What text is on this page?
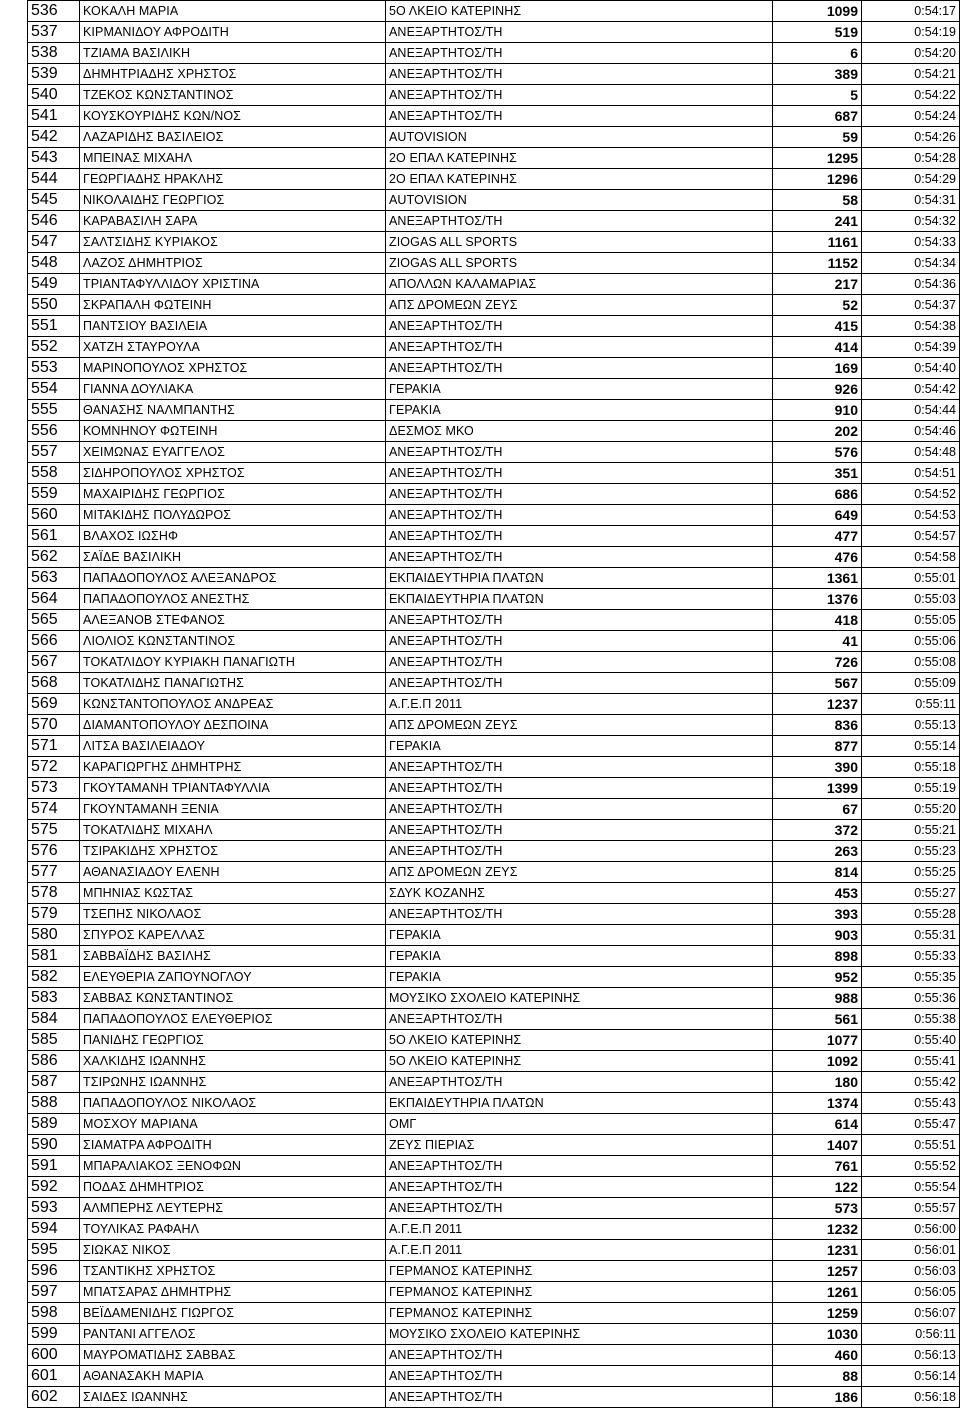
536	ΚΟΚΑΛΗ ΜΑΡΙΑ	5Ο ΛΚΕΙΟ ΚΑΤΕΡΙΝΗΣ	1099	0:54:17
537	ΚΙΡΜΑΝΙΔΟΥ ΑΦΡΟΔΙΤΗ	ΑΝΕΞΑΡΤΗΤΟΣ/ΤΗ	519	0:54:19
538	ΤΖΙΑΜΑ ΒΑΣΙΛΙΚΗ	ΑΝΕΞΑΡΤΗΤΟΣ/ΤΗ	6	0:54:20
539	ΔΗΜΗΤΡΙΑΔΗΣ ΧΡΗΣΤΟΣ	ΑΝΕΞΑΡΤΗΤΟΣ/ΤΗ	389	0:54:21
540	ΤΖΕΚΟΣ ΚΩΝΣΤΑΝΤΙΝΟΣ	ΑΝΕΞΑΡΤΗΤΟΣ/ΤΗ	5	0:54:22
541	ΚΟΥΣΚΟΥΡΙΔΗΣ ΚΩΝ/ΝΟΣ	ΑΝΕΞΑΡΤΗΤΟΣ/ΤΗ	687	0:54:24
542	ΛΑΖΑΡΙΔΗΣ ΒΑΣΙΛΕΙΟΣ	AUTOVISION	59	0:54:26
543	ΜΠΕΙΝΑΣ ΜΙΧΑΗΛ	2Ο ΕΠΑΛ ΚΑΤΕΡΙΝΗΣ	1295	0:54:28
544	ΓΕΩΡΓΙΑΔΗΣ ΗΡΑΚΛΗΣ	2Ο ΕΠΑΛ ΚΑΤΕΡΙΝΗΣ	1296	0:54:29
545	ΝΙΚΟΛΑΙΔΗΣ ΓΕΩΡΓΙΟΣ	AUTOVISION	58	0:54:31
546	ΚΑΡΑΒΑΣΙΛΗ ΣΑΡΑ	ΑΝΕΞΑΡΤΗΤΟΣ/ΤΗ	241	0:54:32
547	ΣΑΛΤΣΙΔΗΣ ΚΥΡΙΑΚΟΣ	ZIOGAS ALL SPORTS	1161	0:54:33
548	ΛΑΖΟΣ ΔΗΜΗΤΡΙΟΣ	ZIOGAS ALL SPORTS	1152	0:54:34
549	ΤΡΙΑΝΤΑΦΥΛΛΙΔΟΥ ΧΡΙΣΤΙΝΑ	ΑΠΟΛΛΩΝ ΚΑΛΑΜΑΡΙΑΣ	217	0:54:36
550	ΣΚΡΑΠΑΛΗ ΦΩΤΕΙΝΗ	ΑΠΣ ΔΡΟΜΕΩΝ ΖΕΥΣ	52	0:54:37
551	ΠΑΝΤΣΙΟΥ ΒΑΣΙΛΕΙΑ	ΑΝΕΞΑΡΤΗΤΟΣ/ΤΗ	415	0:54:38
552	ΧΑΤΖΗ ΣΤΑΥΡΟΥΛΑ	ΑΝΕΞΑΡΤΗΤΟΣ/ΤΗ	414	0:54:39
553	ΜΑΡΙΝΟΠΟΥΛΟΣ ΧΡΗΣΤΟΣ	ΑΝΕΞΑΡΤΗΤΟΣ/ΤΗ	169	0:54:40
554	ΓΙΑΝΝΑ ΔΟΥΛΙΑΚΑ	ΓΕΡΑΚΙΑ	926	0:54:42
555	ΘΑΝΑΣΗΣ ΝΑΛΜΠΑΝΤΗΣ	ΓΕΡΑΚΙΑ	910	0:54:44
556	ΚΟΜΝΗΝΟΥ ΦΩΤΕΙΝΗ	ΔΕΣΜΟΣ ΜΚΟ	202	0:54:46
557	ΧΕΙΜΩΝΑΣ ΕΥΑΓΓΕΛΟΣ	ΑΝΕΞΑΡΤΗΤΟΣ/ΤΗ	576	0:54:48
558	ΣΙΔΗΡΟΠΟΥΛΟΣ ΧΡΗΣΤΟΣ	ΑΝΕΞΑΡΤΗΤΟΣ/ΤΗ	351	0:54:51
559	ΜΑΧΑΙΡΙΔΗΣ ΓΕΩΡΓΙΟΣ	ΑΝΕΞΑΡΤΗΤΟΣ/ΤΗ	686	0:54:52
560	ΜΙΤΑΚΙΔΗΣ ΠΟΛΥΔΩΡΟΣ	ΑΝΕΞΑΡΤΗΤΟΣ/ΤΗ	649	0:54:53
561	ΒΛΑΧΟΣ ΙΩΣΗΦ	ΑΝΕΞΑΡΤΗΤΟΣ/ΤΗ	477	0:54:57
562	ΣΑΪΔΕ ΒΑΣΙΛΙΚΗ	ΑΝΕΞΑΡΤΗΤΟΣ/ΤΗ	476	0:54:58
563	ΠΑΠΑΔΟΠΟΥΛΟΣ ΑΛΕΞΑΝΔΡΟΣ	ΕΚΠΑΙΔΕΥΤΗΡΙΑ ΠΛΑΤΩΝ	1361	0:55:01
564	ΠΑΠΑΔΟΠΟΥΛΟΣ ΑΝΕΣΤΗΣ	ΕΚΠΑΙΔΕΥΤΗΡΙΑ ΠΛΑΤΩΝ	1376	0:55:03
565	ΑΛΕΞΑΝΟΒ ΣΤΕΦΑΝΟΣ	ΑΝΕΞΑΡΤΗΤΟΣ/ΤΗ	418	0:55:05
566	ΛΙΟΛΙΟΣ ΚΩΝΣΤΑΝΤΙΝΟΣ	ΑΝΕΞΑΡΤΗΤΟΣ/ΤΗ	41	0:55:06
567	ΤΟΚΑΤΛΙΔΟΥ ΚΥΡΙΑΚΗ ΠΑΝΑΓΙΩΤΗ	ΑΝΕΞΑΡΤΗΤΟΣ/ΤΗ	726	0:55:08
568	ΤΟΚΑΤΛΙΔΗΣ ΠΑΝΑΓΙΩΤΗΣ	ΑΝΕΞΑΡΤΗΤΟΣ/ΤΗ	567	0:55:09
569	ΚΩΝΣΤΑΝΤΟΠΟΥΛΟΣ ΑΝΔΡΕΑΣ	Α.Γ.Ε.Π 2011	1237	0:55:11
570	ΔΙΑΜΑΝΤΟΠΟΥΛΟΥ ΔΕΣΠΟΙΝΑ	ΑΠΣ ΔΡΟΜΕΩΝ ΖΕΥΣ	836	0:55:13
571	ΛΙΤΣΑ ΒΑΣΙΛΕΙΑΔΟΥ	ΓΕΡΑΚΙΑ	877	0:55:14
572	ΚΑΡΑΓΙΩΡΓΗΣ ΔΗΜΗΤΡΗΣ	ΑΝΕΞΑΡΤΗΤΟΣ/ΤΗ	390	0:55:18
573	ΓΚΟΥΤΑΜΑΝΗ ΤΡΙΑΝΤΑΦΥΛΛΙΑ	ΑΝΕΞΑΡΤΗΤΟΣ/ΤΗ	1399	0:55:19
574	ΓΚΟΥΝΤΑΜΑΝΗ ΞΕΝΙΑ	ΑΝΕΞΑΡΤΗΤΟΣ/ΤΗ	67	0:55:20
575	ΤΟΚΑΤΛΙΔΗΣ ΜΙΧΑΗΛ	ΑΝΕΞΑΡΤΗΤΟΣ/ΤΗ	372	0:55:21
576	ΤΣΙΡΑΚΙΔΗΣ ΧΡΗΣΤΟΣ	ΑΝΕΞΑΡΤΗΤΟΣ/ΤΗ	263	0:55:23
577	ΑΘΑΝΑΣΙΑΔΟΥ ΕΛΕΝΗ	ΑΠΣ ΔΡΟΜΕΩΝ ΖΕΥΣ	814	0:55:25
578	ΜΠΗΝΙΑΣ ΚΩΣΤΑΣ	ΣΔΥΚ ΚΟΖΑΝΗΣ	453	0:55:27
579	ΤΣΕΠΗΣ ΝΙΚΟΛΑΟΣ	ΑΝΕΞΑΡΤΗΤΟΣ/ΤΗ	393	0:55:28
580	ΣΠΥΡΟΣ ΚΑΡΕΛΛΑΣ	ΓΕΡΑΚΙΑ	903	0:55:31
581	ΣΑΒΒΑΪΔΗΣ ΒΑΣΙΛΗΣ	ΓΕΡΑΚΙΑ	898	0:55:33
582	ΕΛΕΥΘΕΡΙΑ ΖΑΠΟΥΝΟΓΛΟΥ	ΓΕΡΑΚΙΑ	952	0:55:35
583	ΣΑΒΒΑΣ ΚΩΝΣΤΑΝΤΙΝΟΣ	ΜΟΥΣΙΚΟ ΣΧΟΛΕΙΟ ΚΑΤΕΡΙΝΗΣ	988	0:55:36
584	ΠΑΠΑΔΟΠΟΥΛΟΣ ΕΛΕΥΘΕΡΙΟΣ	ΑΝΕΞΑΡΤΗΤΟΣ/ΤΗ	561	0:55:38
585	ΠΑΝΙΔΗΣ ΓΕΩΡΓΙΟΣ	5Ο ΛΚΕΙΟ ΚΑΤΕΡΙΝΗΣ	1077	0:55:40
586	ΧΑΛΚΙΔΗΣ ΙΩΑΝΝΗΣ	5Ο ΛΚΕΙΟ ΚΑΤΕΡΙΝΗΣ	1092	0:55:41
587	ΤΣΙΡΩΝΗΣ ΙΩΑΝΝΗΣ	ΑΝΕΞΑΡΤΗΤΟΣ/ΤΗ	180	0:55:42
588	ΠΑΠΑΔΟΠΟΥΛΟΣ ΝΙΚΟΛΑΟΣ	ΕΚΠΑΙΔΕΥΤΗΡΙΑ ΠΛΑΤΩΝ	1374	0:55:43
589	ΜΟΣΧΟΥ ΜΑΡΙΑΝΑ	ΟΜΓ	614	0:55:47
590	ΣΙΑΜΑΤΡΑ ΑΦΡΟΔΙΤΗ	ΖΕΥΣ ΠΙΕΡΙΑΣ	1407	0:55:51
591	ΜΠΑΡΑΛΙΑΚΟΣ ΞΕΝΟΦΩΝ	ΑΝΕΞΑΡΤΗΤΟΣ/ΤΗ	761	0:55:52
592	ΠΟΔΑΣ ΔΗΜΗΤΡΙΟΣ	ΑΝΕΞΑΡΤΗΤΟΣ/ΤΗ	122	0:55:54
593	ΑΛΜΠΕΡΗΣ ΛΕΥΤΕΡΗΣ	ΑΝΕΞΑΡΤΗΤΟΣ/ΤΗ	573	0:55:57
594	ΤΟΥΛΙΚΑΣ ΡΑΦΑΗΛ	Α.Γ.Ε.Π 2011	1232	0:56:00
595	ΣΙΩΚΑΣ ΝΙΚΟΣ	Α.Γ.Ε.Π 2011	1231	0:56:01
596	ΤΣΑΝΤΙΚΗΣ ΧΡΗΣΤΟΣ	ΓΕΡΜΑΝΟΣ ΚΑΤΕΡΙΝΗΣ	1257	0:56:03
597	ΜΠΑΤΣΑΡΑΣ ΔΗΜΗΤΡΗΣ	ΓΕΡΜΑΝΟΣ ΚΑΤΕΡΙΝΗΣ	1261	0:56:05
598	ΒΕΪΔΑΜΕΝΙΔΗΣ ΓΙΩΡΓΟΣ	ΓΕΡΜΑΝΟΣ ΚΑΤΕΡΙΝΗΣ	1259	0:56:07
599	ΡΑΝΤΑΝΙ ΑΓΓΕΛΟΣ	ΜΟΥΣΙΚΟ ΣΧΟΛΕΙΟ ΚΑΤΕΡΙΝΗΣ	1030	0:56:11
600	ΜΑΥΡΟΜΑΤΙΔΗΣ ΣΑΒΒΑΣ	ΑΝΕΞΑΡΤΗΤΟΣ/ΤΗ	460	0:56:13
601	ΑΘΑΝΑΣΑΚΗ ΜΑΡΙΑ	ΑΝΕΞΑΡΤΗΤΟΣ/ΤΗ	88	0:56:14
602	ΣΑΙΔΕΣ ΙΩΑΝΝΗΣ	ΑΝΕΞΑΡΤΗΤΟΣ/ΤΗ	186	0:56:18
